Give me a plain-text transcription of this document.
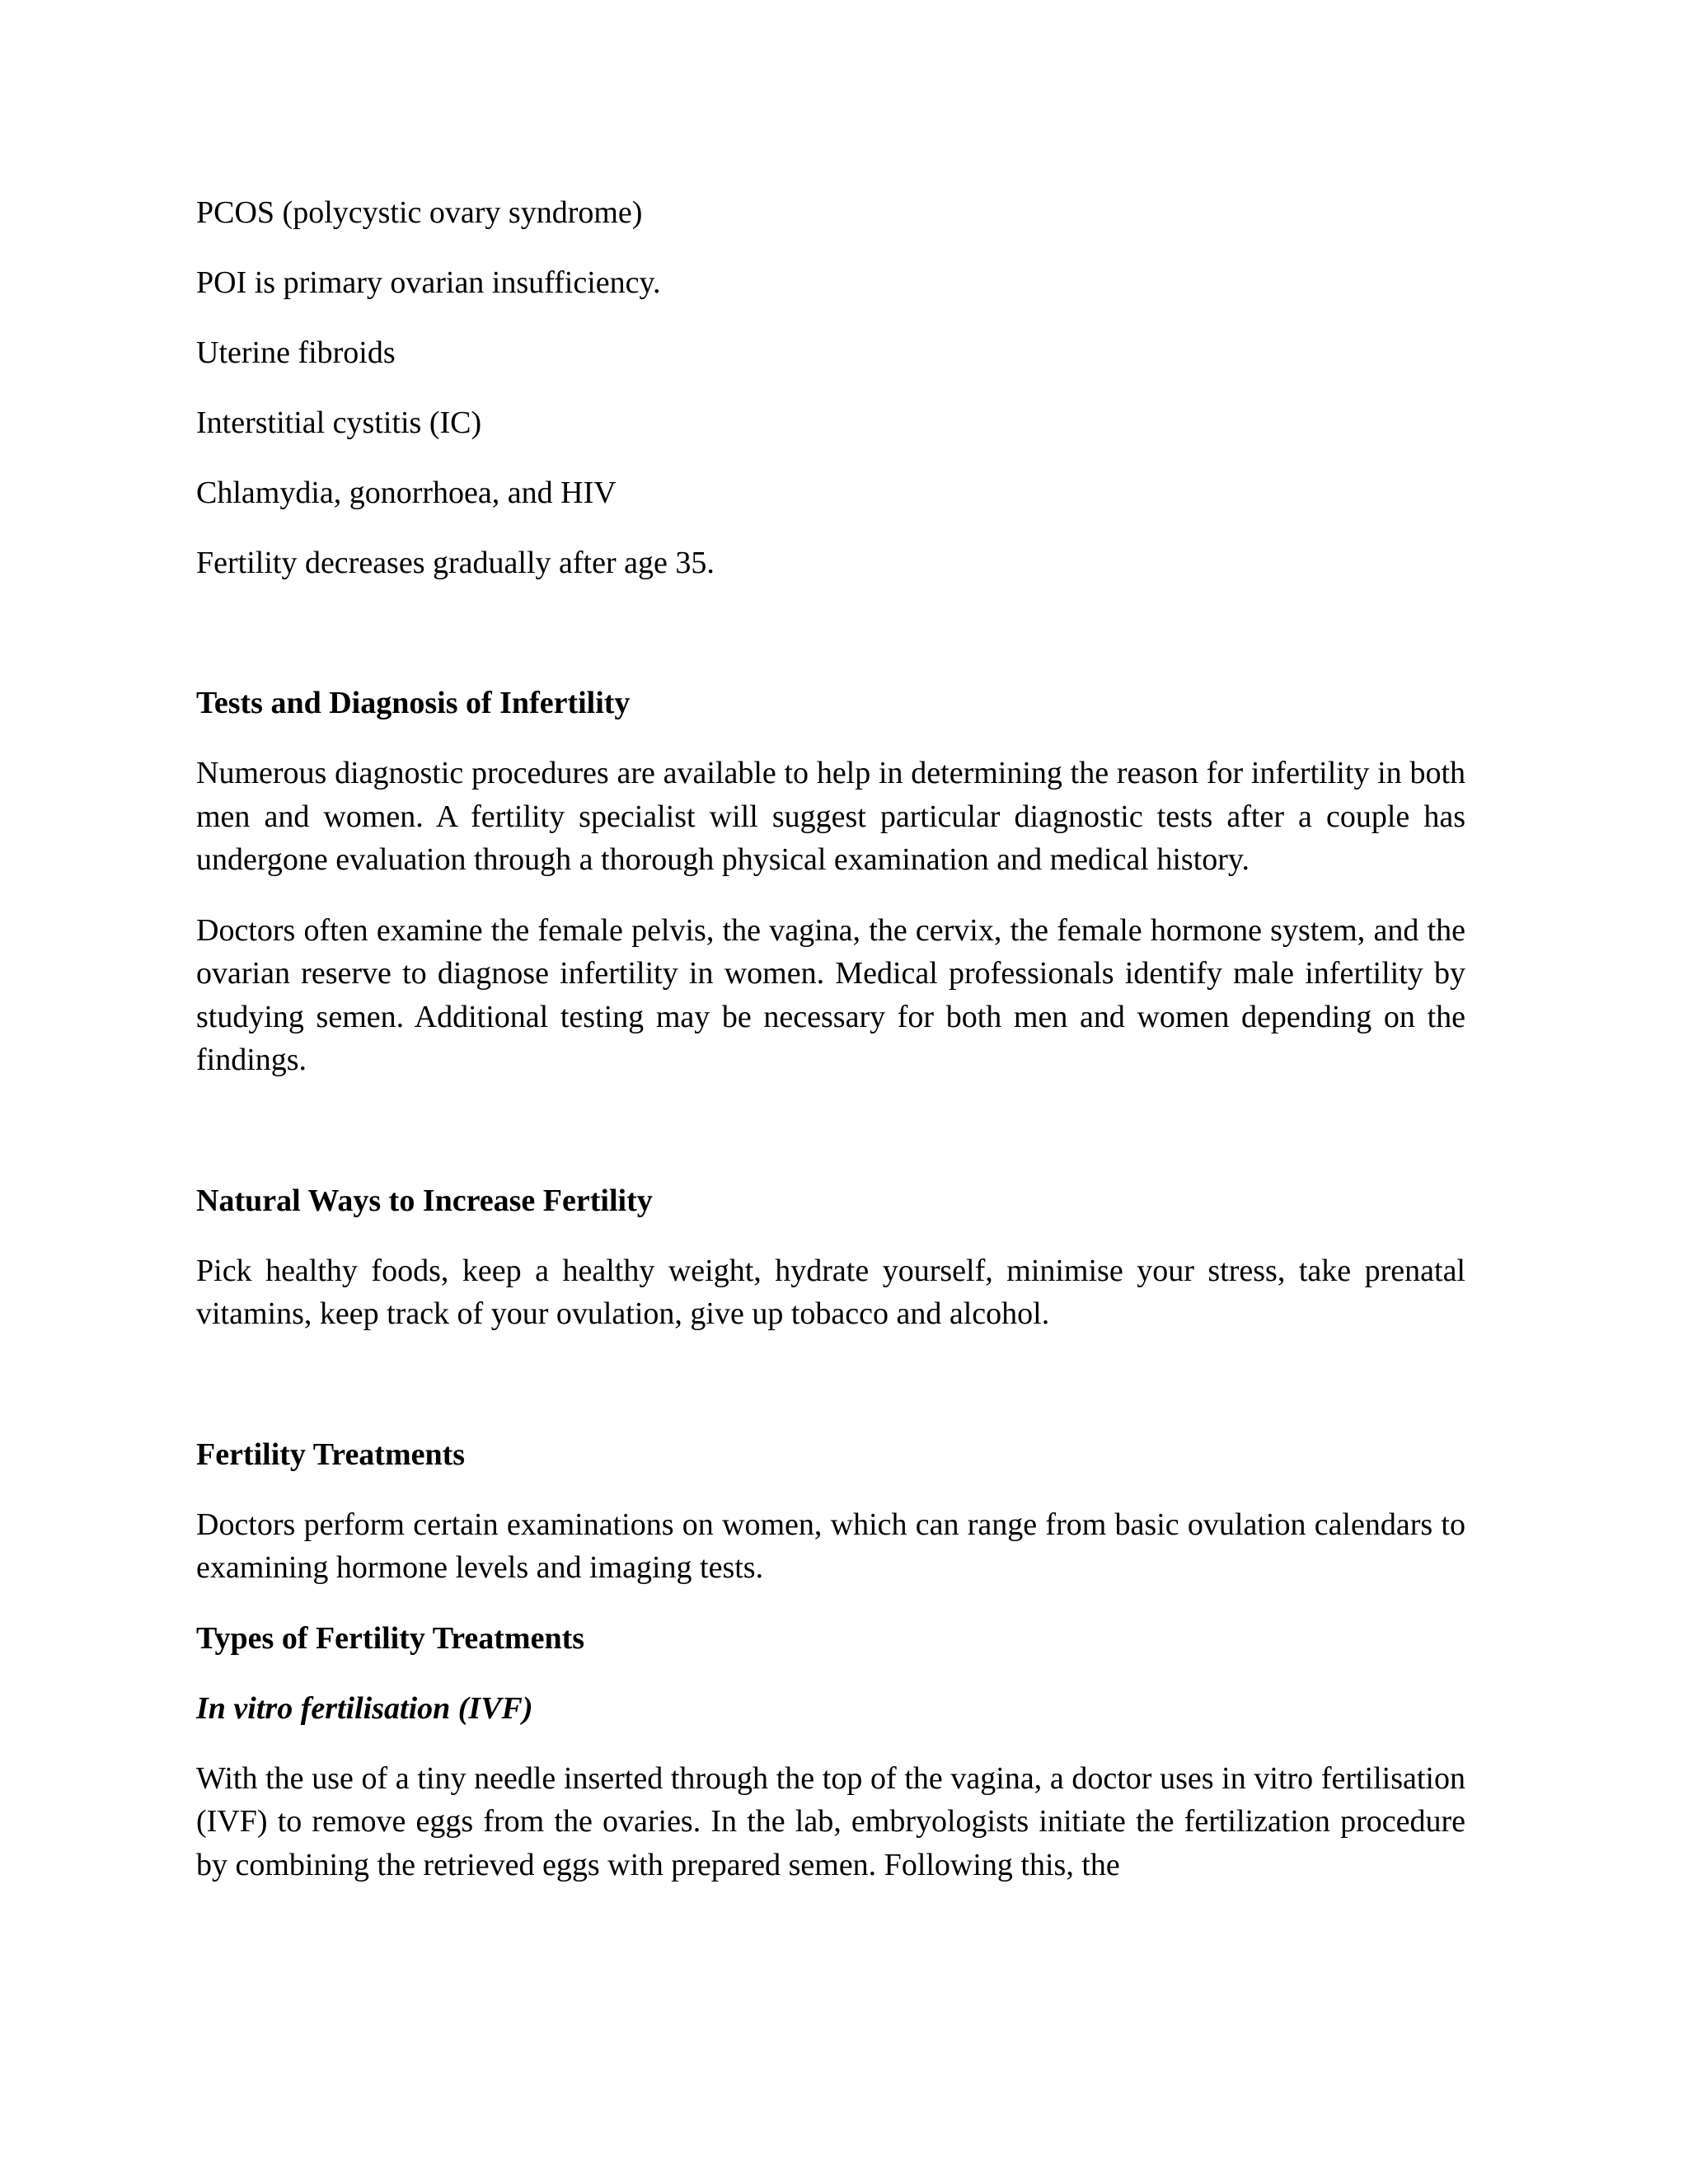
PCOS (polycystic ovary syndrome)

POI is primary ovarian insufficiency.

Uterine fibroids

Interstitial cystitis (IC)

Chlamydia, gonorrhoea, and HIV

Fertility decreases gradually after age 35.

Tests and Diagnosis of Infertility

Numerous diagnostic procedures are available to help in determining the reason for infertility in both men and women. A fertility specialist will suggest particular diagnostic tests after a couple has undergone evaluation through a thorough physical examination and medical history.

Doctors often examine the female pelvis, the vagina, the cervix, the female hormone system, and the ovarian reserve to diagnose infertility in women. Medical professionals identify male infertility by studying semen. Additional testing may be necessary for both men and women depending on the findings.

Natural Ways to Increase Fertility

Pick healthy foods, keep a healthy weight, hydrate yourself, minimise your stress, take prenatal vitamins, keep track of your ovulation, give up tobacco and alcohol.

Fertility Treatments

Doctors perform certain examinations on women, which can range from basic ovulation calendars to examining hormone levels and imaging tests.

Types of Fertility Treatments

In vitro fertilisation (IVF)

With the use of a tiny needle inserted through the top of the vagina, a doctor uses in vitro fertilisation (IVF) to remove eggs from the ovaries. In the lab, embryologists initiate the fertilization procedure by combining the retrieved eggs with prepared semen. Following this, the
